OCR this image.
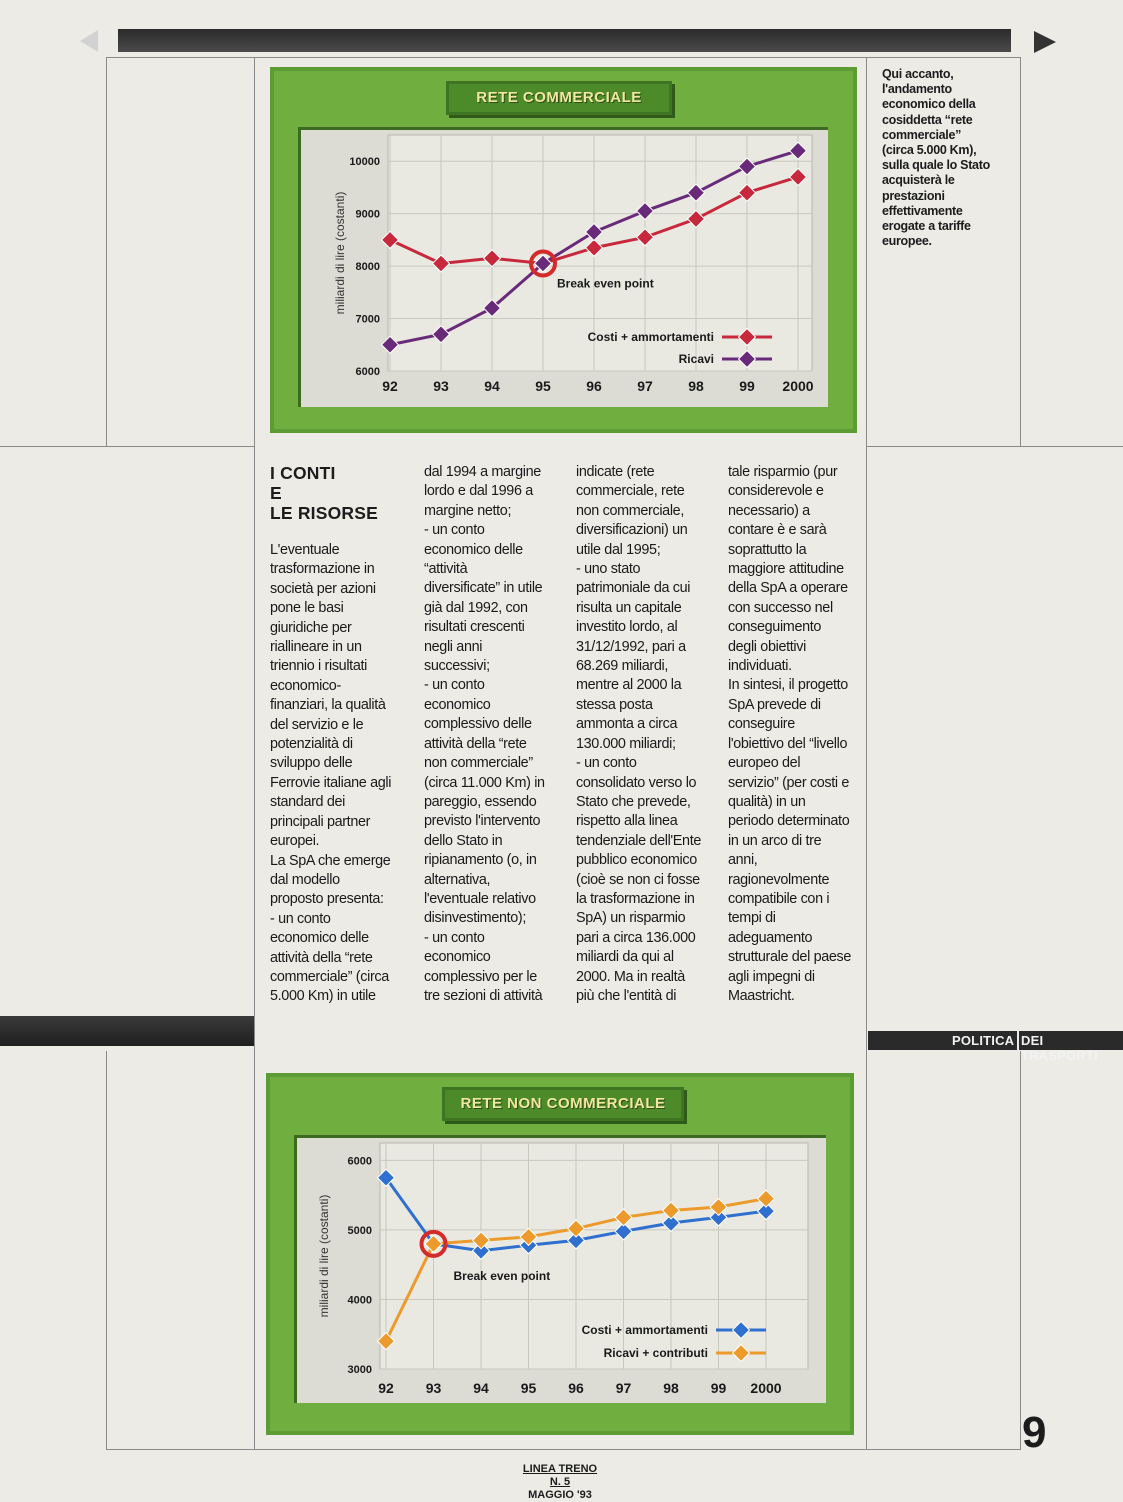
Qui accanto, l'andamento economico della cosiddetta “rete commerciale” (circa 5.000 Km), sulla quale lo Stato acquisterà le prestazioni effettivamente erogate a tariffe europee.
RETE COMMERCIALE
6000
7000
8000
9000
10000
92	93	94	95	96	97	98	99 2000
miliardi di lire (costanti)	Break even point
Costi + ammortamenti
Ricavi
I CONTI
E
LE RISORSE
L'eventuale
trasformazione in
società per azioni
pone le basi
giuridiche per
riallineare in un
triennio i risultati
economico-
finanziari, la qualità
del servizio e le
potenzialità di
sviluppo delle
Ferrovie italiane agli
standard dei
principali partner
europei.
La SpA che emerge
dal modello
proposto presenta:
- un conto
economico delle
attività della “rete
commerciale” (circa
5.000 Km) in utile
dal 1994 a margine
lordo e dal 1996 a
margine netto;
- un conto
economico delle
“attività
diversificate” in utile
già dal 1992, con
risultati crescenti
negli anni
successivi;
- un conto
economico
complessivo delle
attività della “rete
non commerciale”
(circa 11.000 Km) in
pareggio, essendo
previsto l'intervento
dello Stato in
ripianamento (o, in
alternativa,
l'eventuale relativo
disinvestimento);
- un conto
economico
complessivo per le
tre sezioni di attività
indicate (rete
commerciale, rete
non commerciale,
diversificazioni) un
utile dal 1995;
- uno stato
patrimoniale da cui
risulta un capitale
investito lordo, al
31/12/1992, pari a
68.269 miliardi,
mentre al 2000 la
stessa posta
ammonta a circa
130.000 miliardi;
- un conto
consolidato verso lo
Stato che prevede,
rispetto alla linea
tendenziale dell'Ente
pubblico economico
(cioè se non ci fosse
la trasformazione in
SpA) un risparmio
pari a circa 136.000
miliardi da qui al
2000. Ma in realtà
più che l'entità di
tale risparmio (pur
considerevole e
necessario) a
contare è e sarà
soprattutto la
maggiore attitudine
della SpA a operare
con successo nel
conseguimento
degli obiettivi
individuati.
In sintesi, il progetto
SpA prevede di
conseguire
l'obiettivo del “livello
europeo del
servizio” (per costi e
qualità) in un
periodo determinato
in un arco di tre
anni,
ragionevolmente
compatibile con i
tempi di
adeguamento
strutturale del paese
agli impegni di
Maastricht.
POLITICA DEI TRASPORTI
RETE NON COMMERCIALE
3000
4000
5000
6000
92 93 94 95 96 97 98 99 2000
miliardi di lire (costanti)	Break even point
Costi + ammortamenti
Ricavi + contributi
9
LINEA TRENO
N. 5
MAGGIO '93
